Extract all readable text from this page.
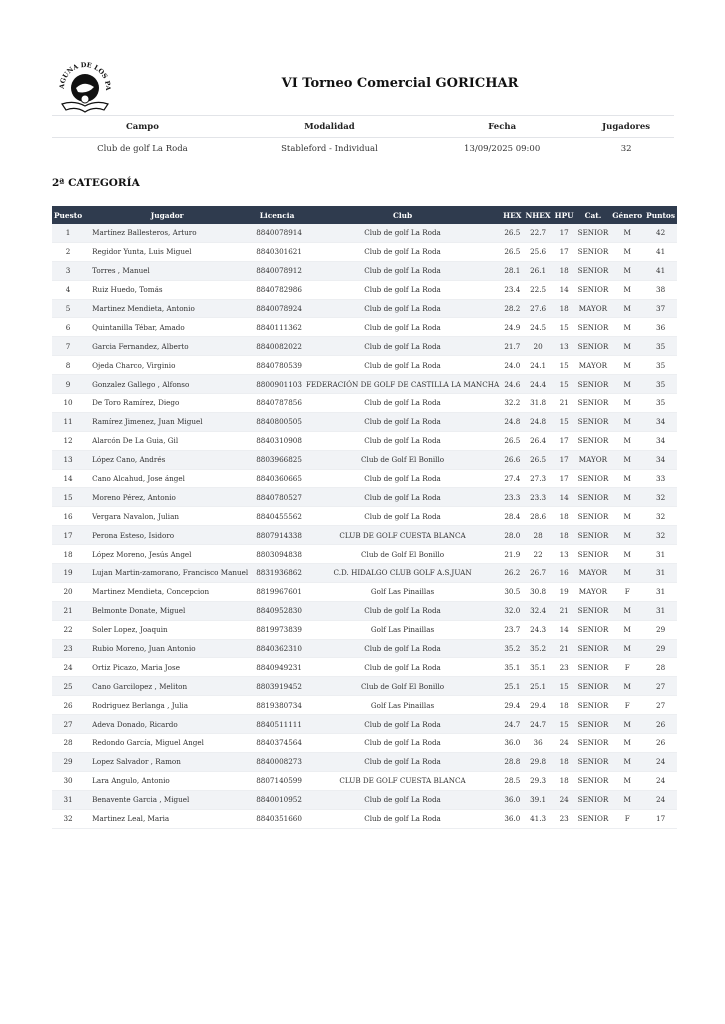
AGUNA DE LOS PA	VI Torneo Comercial GORICHAR
Campo	Modalidad	Fecha	Jugadores
Club de golf La Roda	Stableford - Individual	13/09/2025 09:00	32
2ª CATEGORÍA
Puesto	Jugador	Licencia	Club	HEX	NHEX	HPU	Cat.	Género	Puntos
1	Martínez Ballesteros, Arturo	8840078914	Club de golf La Roda	26.5	22.7	17	SENIOR	M	42
2	Regidor Yunta, Luis Miguel	8840301621	Club de golf La Roda	26.5	25.6	17	SENIOR	M	41
3	Torres , Manuel	8840078912	Club de golf La Roda	28.1	26.1	18	SENIOR	M	41
4	Ruiz Huedo, Tomás	8840782986	Club de golf La Roda	23.4	22.5	14	SENIOR	M	38
5	Martinez Mendieta, Antonio	8840078924	Club de golf La Roda	28.2	27.6	18	MAYOR	M	37
6	Quintanilla Tébar, Amado	8840111362	Club de golf La Roda	24.9	24.5	15	SENIOR	M	36
7	Garcia Fernandez, Alberto	8840082022	Club de golf La Roda	21.7	20	13	SENIOR	M	35
8	Ojeda Charco, Virginio	8840780539	Club de golf La Roda	24.0	24.1	15	MAYOR	M	35
9	Gonzalez Gallego , Alfonso	8800901103	FEDERACIÓN DE GOLF DE CASTILLA LA MANCHA	24.6	24.4	15	SENIOR	M	35
10	De Toro Ramírez, Diego	8840787856	Club de golf La Roda	32.2	31.8	21	SENIOR	M	35
11	Ramírez Jimenez, Juan Miguel	8840800505	Club de golf La Roda	24.8	24.8	15	SENIOR	M	34
12	Alarcón De La Guia, Gil	8840310908	Club de golf La Roda	26.5	26.4	17	SENIOR	M	34
13	López Cano, Andrés	8803966825	Club de Golf El Bonillo	26.6	26.5	17	MAYOR	M	34
14	Cano Alcahud, Jose ángel	8840360665	Club de golf La Roda	27.4	27.3	17	SENIOR	M	33
15	Moreno Pérez, Antonio	8840780527	Club de golf La Roda	23.3	23.3	14	SENIOR	M	32
16	Vergara Navalon, Julian	8840455562	Club de golf La Roda	28.4	28.6	18	SENIOR	M	32
17	Perona Esteso, Isidoro	8807914338	CLUB DE GOLF CUESTA BLANCA	28.0	28	18	SENIOR	M	32
18	López Moreno, Jesús Angel	8803094838	Club de Golf El Bonillo	21.9	22	13	SENIOR	M	31
19	Lujan Martin-zamorano, Francisco Manuel	8831936862	C.D. HIDALGO CLUB GOLF A.S.JUAN	26.2	26.7	16	MAYOR	M	31
20	Martinez Mendieta, Concepcion	8819967601	Golf Las Pinaillas	30.5	30.8	19	MAYOR	F	31
21	Belmonte Donate, Miguel	8840952830	Club de golf La Roda	32.0	32.4	21	SENIOR	M	31
22	Soler Lopez, Joaquin	8819973839	Golf Las Pinaillas	23.7	24.3	14	SENIOR	M	29
23	Rubio Moreno, Juan Antonio	8840362310	Club de golf La Roda	35.2	35.2	21	SENIOR	M	29
24	Ortiz Picazo, Maria Jose	8840949231	Club de golf La Roda	35.1	35.1	23	SENIOR	F	28
25	Cano Garcilopez , Meliton	8803919452	Club de Golf El Bonillo	25.1	25.1	15	SENIOR	M	27
26	Rodriguez Berlanga , Julia	8819380734	Golf Las Pinaillas	29.4	29.4	18	SENIOR	F	27
27	Adeva Donado, Ricardo	8840511111	Club de golf La Roda	24.7	24.7	15	SENIOR	M	26
28	Redondo García, Miguel Angel	8840374564	Club de golf La Roda	36.0	36	24	SENIOR	M	26
29	Lopez Salvador , Ramon	8840008273	Club de golf La Roda	28.8	29.8	18	SENIOR	M	24
30	Lara Angulo, Antonio	8807140599	CLUB DE GOLF CUESTA BLANCA	28.5	29.3	18	SENIOR	M	24
31	Benavente Garcia , Miguel	8840010952	Club de golf La Roda	36.0	39.1	24	SENIOR	M	24
32	Martinez Leal, Maria	8840351660	Club de golf La Roda	36.0	41.3	23	SENIOR	F	17
